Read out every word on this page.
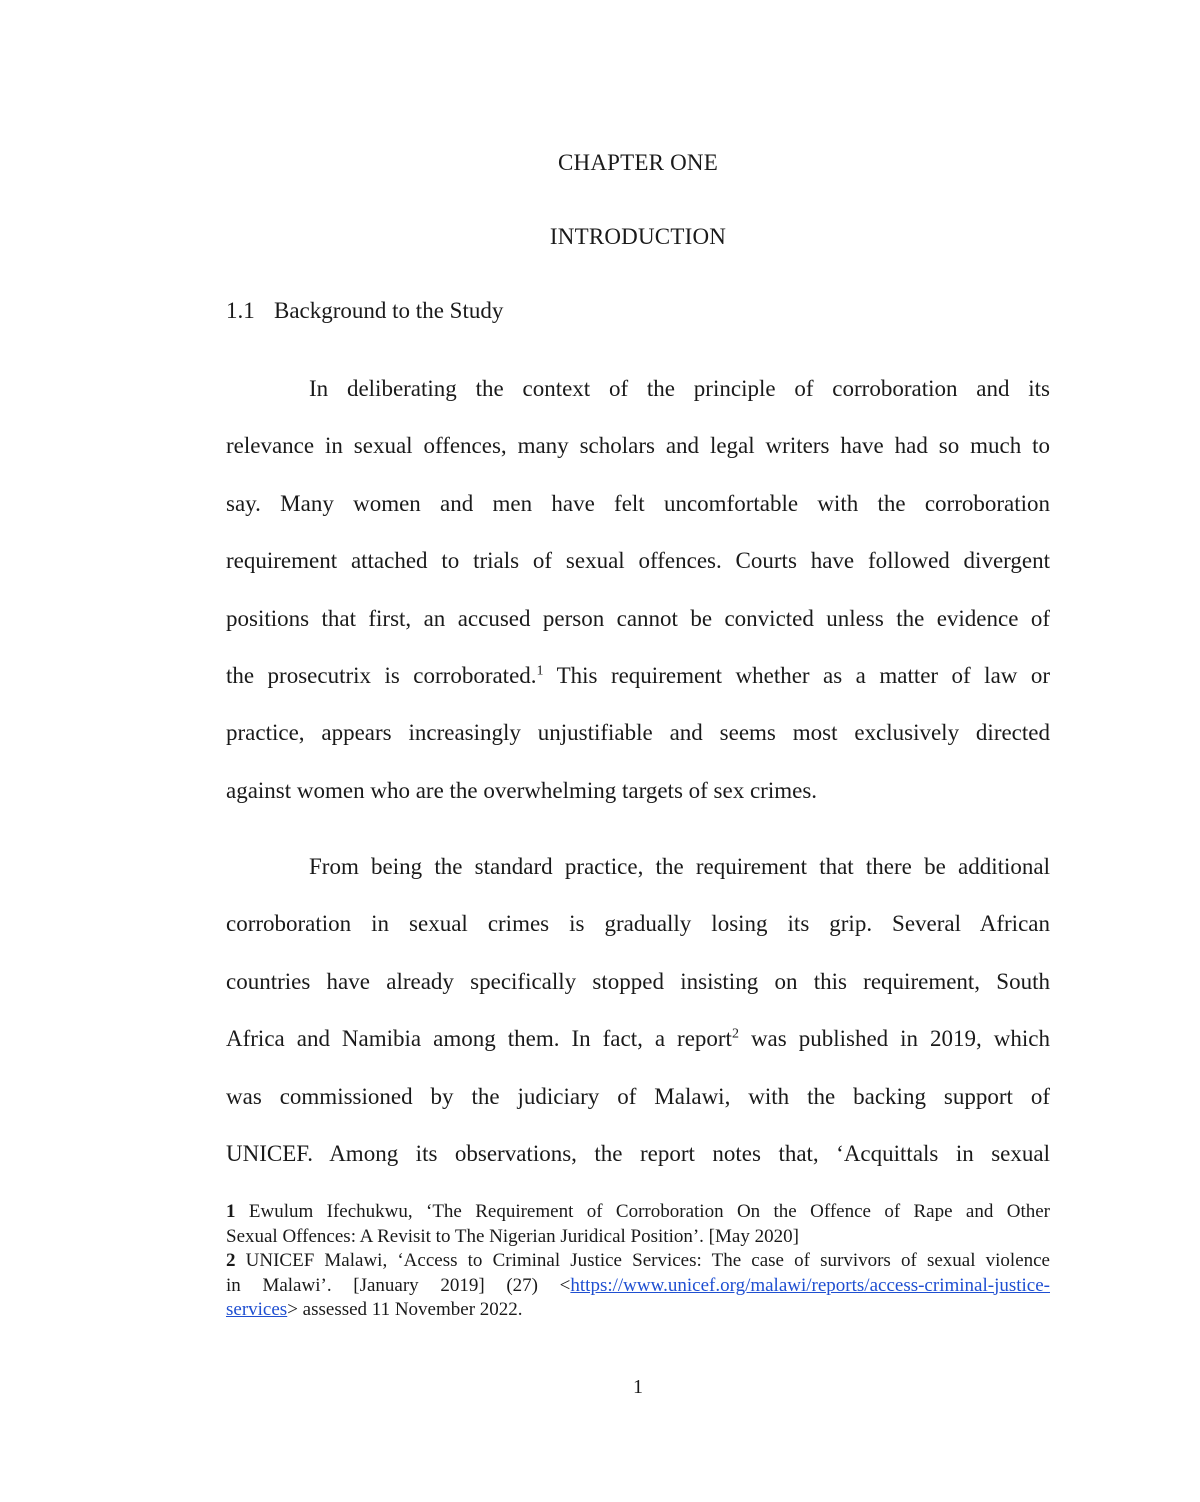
CHAPTER ONE
INTRODUCTION
1.1 Background to the Study
In deliberating the context of the principle of corroboration and its
relevance in sexual offences, many scholars and legal writers have had so much to
say. Many women and men have felt uncomfortable with the corroboration
requirement attached to trials of sexual offences. Courts have followed divergent
positions that first, an accused person cannot be convicted unless the evidence of
the prosecutrix is corroborated.$^1$ This requirement whether as a matter of law or
practice, appears increasingly unjustifiable and seems most exclusively directed
against women who are the overwhelming targets of sex crimes.
From being the standard practice, the requirement that there be additional
corroboration in sexual crimes is gradually losing its grip. Several African
countries have already specifically stopped insisting on this requirement, South
Africa and Namibia among them. In fact, a report$^2$ was published in 2019, which
was commissioned by the judiciary of Malawi, with the backing support of
UNICEF. Among its observations, the report notes that, ‘Acquittals in sexual
1 Ewulum Ifechukwu, ‘The Requirement of Corroboration On the Offence of Rape and Other
Sexual Offences: A Revisit to The Nigerian Juridical Position’. [May 2020]
2 UNICEF Malawi, ‘Access to Criminal Justice Services: The case of survivors of sexual violence
in Malawi’. [January 2019] (27) <https://www.unicef.org/malawi/reports/access-criminal-justice-
services> assessed 11 November 2022.
1
